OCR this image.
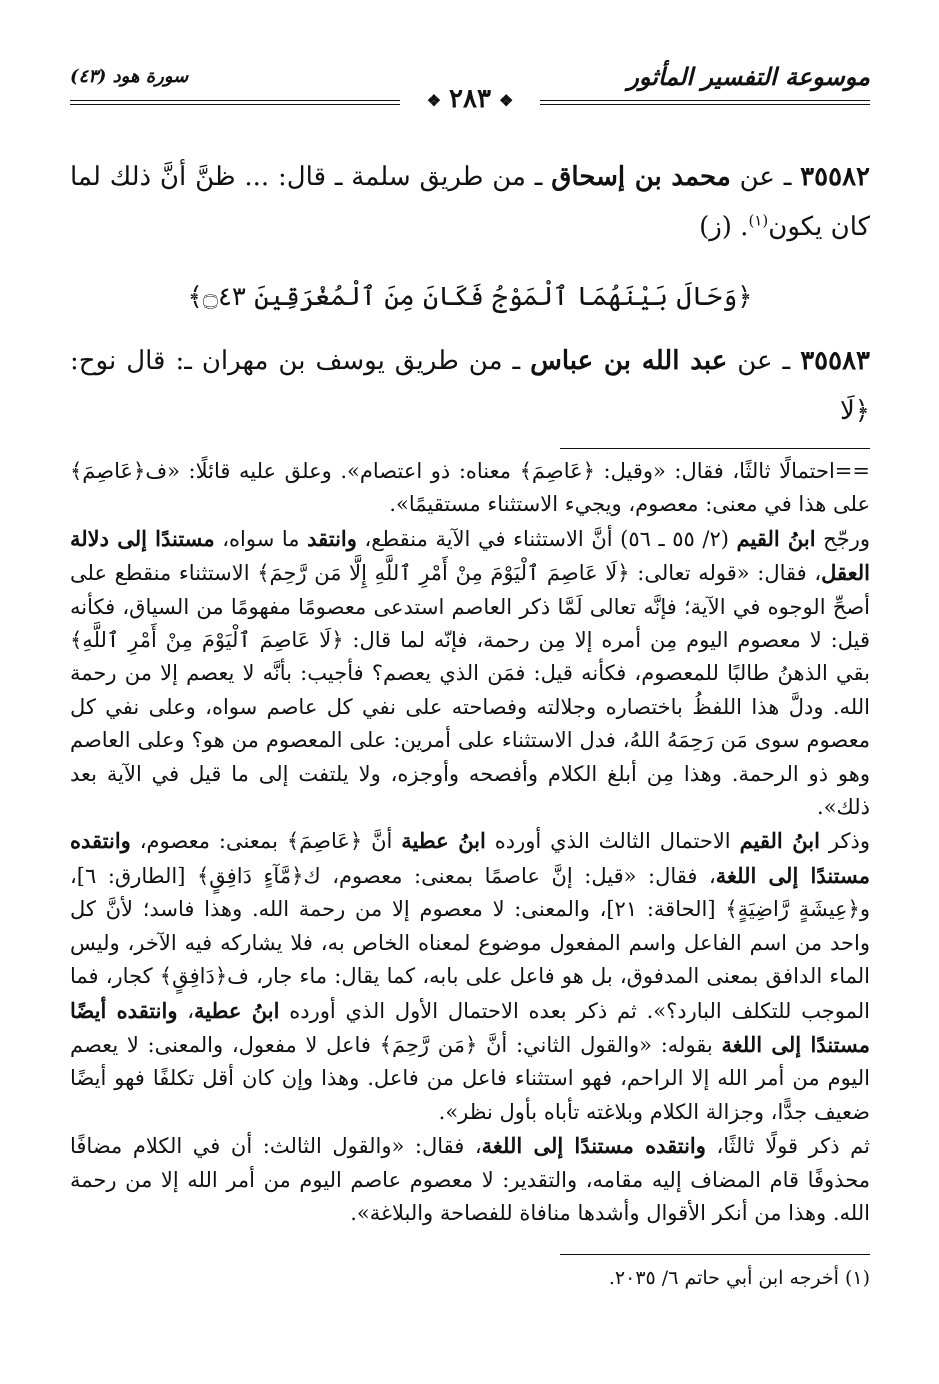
موسوعة التفسير المأثور
❖٢٨٣❖
سورة هود (٤٣)

٣٥٥٨٢ ـ عن محمد بن إسحاق ـ من طريق سلمة ـ قال: ... ظنَّ أنَّ ذلك لما كان يكون$^{(١)}$. (ز)

﴿وَحَالَ بَيْنَهُمَا ٱلْمَوْجُ فَكَانَ مِنَ ٱلْمُغْرَقِينَ ۝٤٣﴾

٣٥٥٨٣ ـ عن عبد الله بن عباس ـ من طريق يوسف بن مهران ـ: قال نوح: ﴿لَا

==احتمالًا ثالثًا، فقال: «وقيل: ﴿عَاصِمَ﴾ معناه: ذو اعتصام». وعلق عليه قائلًا: «ف﴿عَاصِمَ﴾ على هذا في معنى: معصوم، ويجيء الاستثناء مستقيمًا».

ورجّح ابنُ القيم (٢/ ٥٥ ـ ٥٦) أنَّ الاستثناء في الآية منقطع، وانتقد ما سواه، مستندًا إلى دلالة العقل، فقال: «قوله تعالى: ﴿لَا عَاصِمَ ٱلْيَوْمَ مِنْ أَمْرِ ٱللَّهِ إِلَّا مَن رَّحِمَ﴾ الاستثناء منقطع على أصحِّ الوجوه في الآية؛ فإنَّه تعالى لَمَّا ذكر العاصم استدعى معصومًا مفهومًا من السياق، فكأنه قيل: لا معصوم اليوم مِن أمره إلا مِن رحمة، فإنّه لما قال: ﴿لَا عَاصِمَ ٱلْيَوْمَ مِنْ أَمْرِ ٱللَّهِ﴾ بقي الذهنُ طالبًا للمعصوم، فكأنه قيل: فمَن الذي يعصم؟ فأجيب: بأنَّه لا يعصم إلا من رحمة الله. ودلَّ هذا اللفظُ باختصاره وجلالته وفصاحته على نفي كل عاصم سواه، وعلى نفي كل معصوم سوى مَن رَحِمَهُ اللهُ، فدل الاستثناء على أمرين: على المعصوم من هو؟ وعلى العاصم وهو ذو الرحمة. وهذا مِن أبلغ الكلام وأفصحه وأوجزه، ولا يلتفت إلى ما قيل في الآية بعد ذلك».

وذكر ابنُ القيم الاحتمال الثالث الذي أورده ابنُ عطية أنَّ ﴿عَاصِمَ﴾ بمعنى: معصوم، وانتقده مستندًا إلى اللغة، فقال: «قيل: إنَّ عاصمًا بمعنى: معصوم، ك﴿مَّآءٍ دَافِقٍ﴾ [الطارق: ٦]، و﴿عِيشَةٍ رَّاضِيَةٍ﴾ [الحاقة: ٢١]، والمعنى: لا معصوم إلا من رحمة الله. وهذا فاسد؛ لأنَّ كل واحد من اسم الفاعل واسم المفعول موضوع لمعناه الخاص به، فلا يشاركه فيه الآخر، وليس الماء الدافق بمعنى المدفوق، بل هو فاعل على بابه، كما يقال: ماء جار، ف﴿دَافِقٍ﴾ كجار، فما الموجب للتكلف البارد؟». ثم ذكر بعده الاحتمال الأول الذي أورده ابنُ عطية، وانتقده أيضًا مستندًا إلى اللغة بقوله: «والقول الثاني: أنَّ ﴿مَن رَّحِمَ﴾ فاعل لا مفعول، والمعنى: لا يعصم اليوم من أمر الله إلا الراحم، فهو استثناء فاعل من فاعل. وهذا وإن كان أقل تكلفًا فهو أيضًا ضعيف جدًّا، وجزالة الكلام وبلاغته تأباه بأول نظر».

ثم ذكر قولًا ثالثًا، وانتقده مستندًا إلى اللغة، فقال: «والقول الثالث: أن في الكلام مضافًا محذوفًا قام المضاف إليه مقامه، والتقدير: لا معصوم عاصم اليوم من أمر الله إلا من رحمة الله. وهذا من أنكر الأقوال وأشدها منافاة للفصاحة والبلاغة».

(١) أخرجه ابن أبي حاتم ٦/ ٢٠٣٥.
